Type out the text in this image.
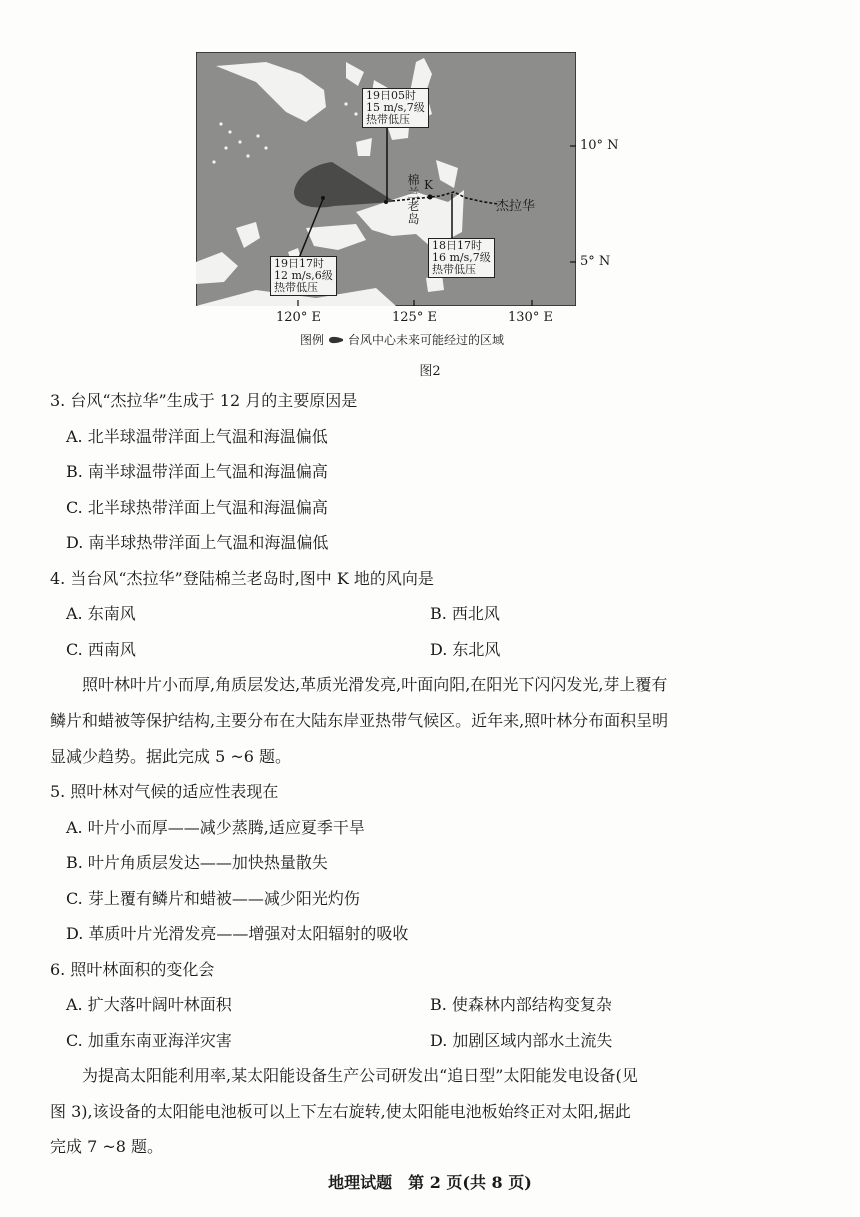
棉
兰
老
岛
K
杰拉华
19日05时
15 m/s,7级
热带低压
19日17时
12 m/s,6级
热带低压
18日17时
16 m/s,7级
热带低压
10° N
5° N
120° E	125° E	130° E
图例 台风中心未来可能经过的区域
图2
3. 台风“杰拉华”生成于 12 月的主要原因是
A. 北半球温带洋面上气温和海温偏低
B. 南半球温带洋面上气温和海温偏高
C. 北半球热带洋面上气温和海温偏高
D. 南半球热带洋面上气温和海温偏低
4. 当台风“杰拉华”登陆棉兰老岛时,图中 K 地的风向是
A. 东南风	B. 西北风
C. 西南风	D. 东北风
照叶林叶片小而厚,角质层发达,革质光滑发亮,叶面向阳,在阳光下闪闪发光,芽上覆有
鳞片和蜡被等保护结构,主要分布在大陆东岸亚热带气候区。近年来,照叶林分布面积呈明
显减少趋势。据此完成 5 ~6 题。
5. 照叶林对气候的适应性表现在
A. 叶片小而厚——减少蒸腾,适应夏季干旱
B. 叶片角质层发达——加快热量散失
C. 芽上覆有鳞片和蜡被——减少阳光灼伤
D. 革质叶片光滑发亮——增强对太阳辐射的吸收
6. 照叶林面积的变化会
A. 扩大落叶阔叶林面积	B. 使森林内部结构变复杂
C. 加重东南亚海洋灾害	D. 加剧区域内部水土流失
为提高太阳能利用率,某太阳能设备生产公司研发出“追日型”太阳能发电设备(见
图 3),该设备的太阳能电池板可以上下左右旋转,使太阳能电池板始终正对太阳,据此
完成 7 ~8 题。
地理试题　第 2 页(共 8 页)
